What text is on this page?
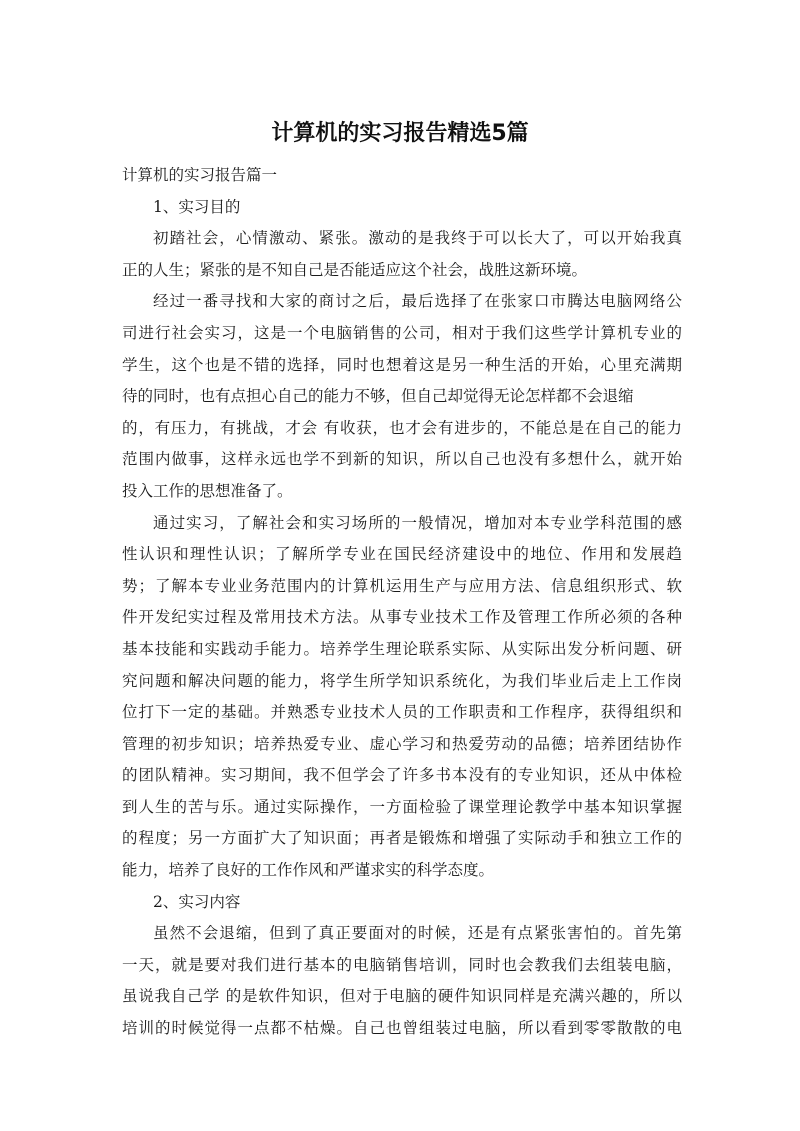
计算机的实习报告精选5篇
计算机的实习报告篇一
1、实习目的
初踏社会，心情激动、紧张。激动的是我终于可以长大了，可以开始我真
正的人生；紧张的是不知自己是否能适应这个社会，战胜这新环境。
经过一番寻找和大家的商讨之后，最后选择了在张家口市腾达电脑网络公
司进行社会实习，这是一个电脑销售的公司，相对于我们这些学计算机专业的
学生，这个也是不错的选择，同时也想着这是另一种生活的开始，心里充满期
待的同时，也有点担心自己的能力不够，但自己却觉得无论怎样都不会退缩
的，有压力，有挑战，才会 有收获，也才会有进步的，不能总是在自己的能力
范围内做事，这样永远也学不到新的知识，所以自己也没有多想什么，就开始
投入工作的思想准备了。
通过实习，了解社会和实习场所的一般情况，增加对本专业学科范围的感
性认识和理性认识；了解所学专业在国民经济建设中的地位、作用和发展趋
势；了解本专业业务范围内的计算机运用生产与应用方法、信息组织形式、软
件开发纪实过程及常用技术方法。从事专业技术工作及管理工作所必须的各种
基本技能和实践动手能力。培养学生理论联系实际、从实际出发分析问题、研
究问题和解决问题的能力，将学生所学知识系统化，为我们毕业后走上工作岗
位打下一定的基础。并熟悉专业技术人员的工作职责和工作程序，获得组织和
管理的初步知识；培养热爱专业、虚心学习和热爱劳动的品德；培养团结协作
的团队精神。实习期间，我不但学会了许多书本没有的专业知识，还从中体检
到人生的苦与乐。通过实际操作，一方面检验了课堂理论教学中基本知识掌握
的程度；另一方面扩大了知识面；再者是锻炼和增强了实际动手和独立工作的
能力，培养了良好的工作作风和严谨求实的科学态度。
2、实习内容
虽然不会退缩，但到了真正要面对的时候，还是有点紧张害怕的。首先第
一天，就是要对我们进行基本的电脑销售培训，同时也会教我们去组装电脑，
虽说我自己学 的是软件知识，但对于电脑的硬件知识同样是充满兴趣的，所以
培训的时候觉得一点都不枯燥。自己也曾组装过电脑，所以看到零零散散的电
